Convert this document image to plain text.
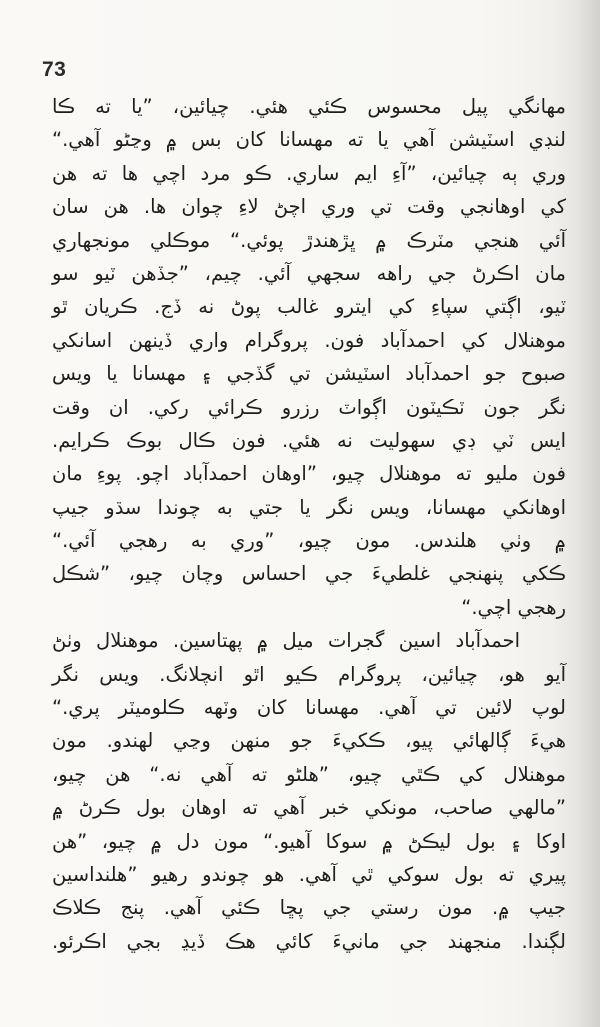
73
مهانگي پيل محسوس ڪئي هئي. چيائين، ”يا ته ڪا
لنڊي اسٽيشن آهي يا ته مهسانا کان بس ۾ وڃڻو آهي.“
وري ٻه چيائين، ”آءِ ايم ساري. ڪو مرد اچي ها ته هن
کي اوهانجي وقت تي وري اچڻ لاءِ چوان ها. هن سان
آئي هنجي مٽرڪ ۾ ڀڙهندڙ پوئي.“ موڪلي مونجهاري
مان اڪرڻ جي راهه سجهي آئي. چيم، ”جڏهن ٽيو سو
ٽيو، اڳتي سپاءِ کي ايترو غالب پوڻ نه ڏج. ڪريان ٿو
موهنلال کي احمدآباد فون. پروگرام واري ڏينهن اسانکي
صبوح جو احمدآباد اسٽيشن تي گڏجي ۽ مهسانا يا ويس
نگر جون ٽڪيٽون اڳواٽ رزرو ڪرائي رکي. ان وقت
ايس ٽي ڊي سهوليت نه هئي. فون ڪال بوڪ ڪرايم.
فون مليو ته موهنلال چيو، ”اوهان احمدآباد اچو. پوءِ مان
اوهانکي مهسانا، ويس نگر يا جتي به چوندا سڌو جيپ
۾ وٺي هلندس. مون چيو، ”وري به رهجي آئي.“
ڪکي پنهنجي غلطيءَ جي احساس وچان چيو، ”شڪل
رهجي اچي.“
احمدآباد اسين گجرات ميل ۾ پهتاسين. موهنلال وٺڻ
آيو هو، چيائين، پروگرام ڪيو اٿو انچلانگ. ويس نگر
لوپ لائين تي آهي. مهسانا کان وٽهه ڪلوميٽر پري.“
هيءَ ڳالهائي پيو، ڪکيءَ جو منهن وڃي لهندو. مون
موهنلال کي ڪٿي چيو، ”هلڻو ته آهي نه.“ هن چيو،
”مالهي صاحب، مونکي خبر آهي ته اوهان بول ڪرڻ ۾
اوکا ۽ بول ليڪڻ ۾ سوکا آهيو.“ مون دل ۾ چيو، ”هن
پيري ته بول سوکي ٿي آهي. هو چوندو رهيو ”هلنداسين
جيپ ۾. مون رستي جي پڇا ڪئي آهي. پنج ڪلاڪ
لڳندا. منجهند جي مانيءَ کائي هڪ ڏيڍ بجي اڪرئو.
